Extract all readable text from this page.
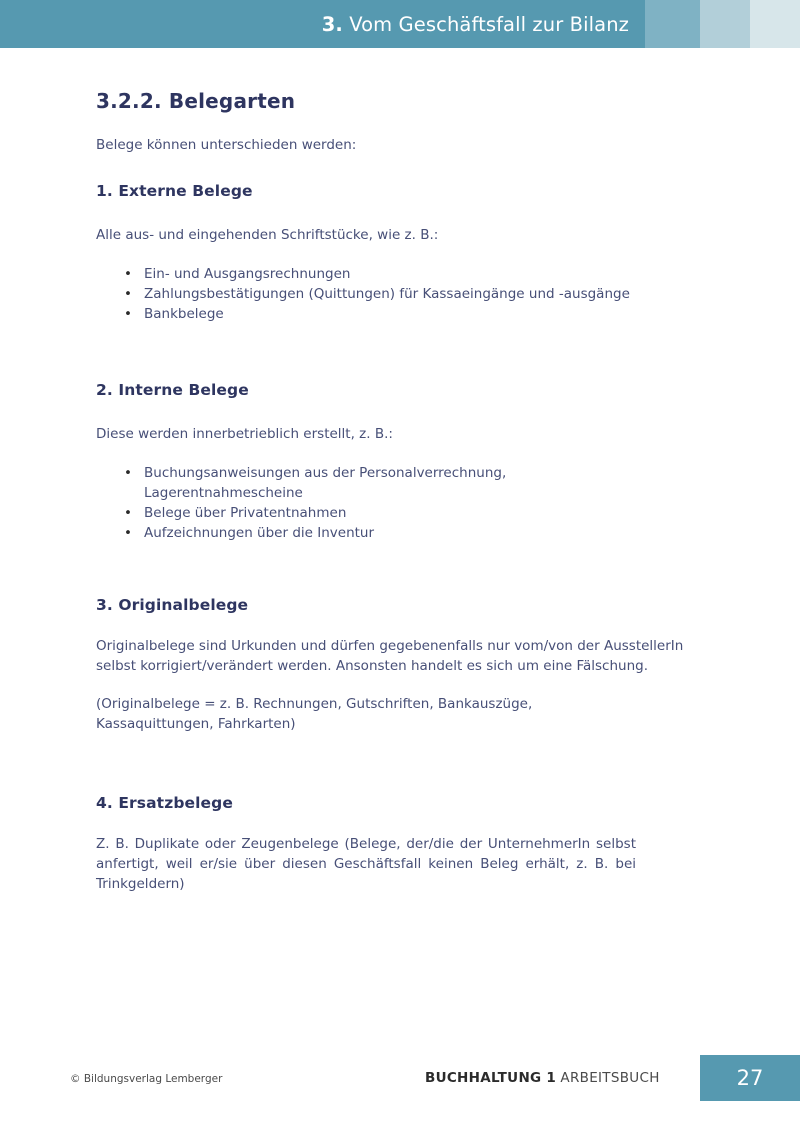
3. Vom Geschäftsfall zur Bilanz
3.2.2. Belegarten

Belege können unterschieden werden:

1. Externe Belege

Alle aus- und eingehenden Schriftstücke, wie z. B.:

• Ein- und Ausgangsrechnungen
• Zahlungsbestätigungen (Quittungen) für Kassaeingänge und -ausgänge
• Bankbelege
2. Interne Belege

Diese werden innerbetrieblich erstellt, z. B.:

• Buchungsanweisungen aus der Personalverrechnung, Lagerentnahmescheine
• Belege über Privatentnahmen
• Aufzeichnungen über die Inventur
3. Originalbelege

Originalbelege sind Urkunden und dürfen gegebenenfalls nur vom/von der AusstellerIn selbst korrigiert/verändert werden. Ansonsten handelt es sich um eine Fälschung.

(Originalbelege = z. B. Rechnungen, Gutschriften, Bankauszüge, Kassaquittungen, Fahrkarten)

4. Ersatzbelege

Z. B. Duplikate oder Zeugenbelege (Belege, der/die der UnternehmerIn selbst anfertigt, weil er/sie über diesen Geschäftsfall keinen Beleg erhält, z. B. bei Trinkgeldern)

© Bildungsverlag Lemberger	BUCHHALTUNG 1 ARBEITSBUCH	27
